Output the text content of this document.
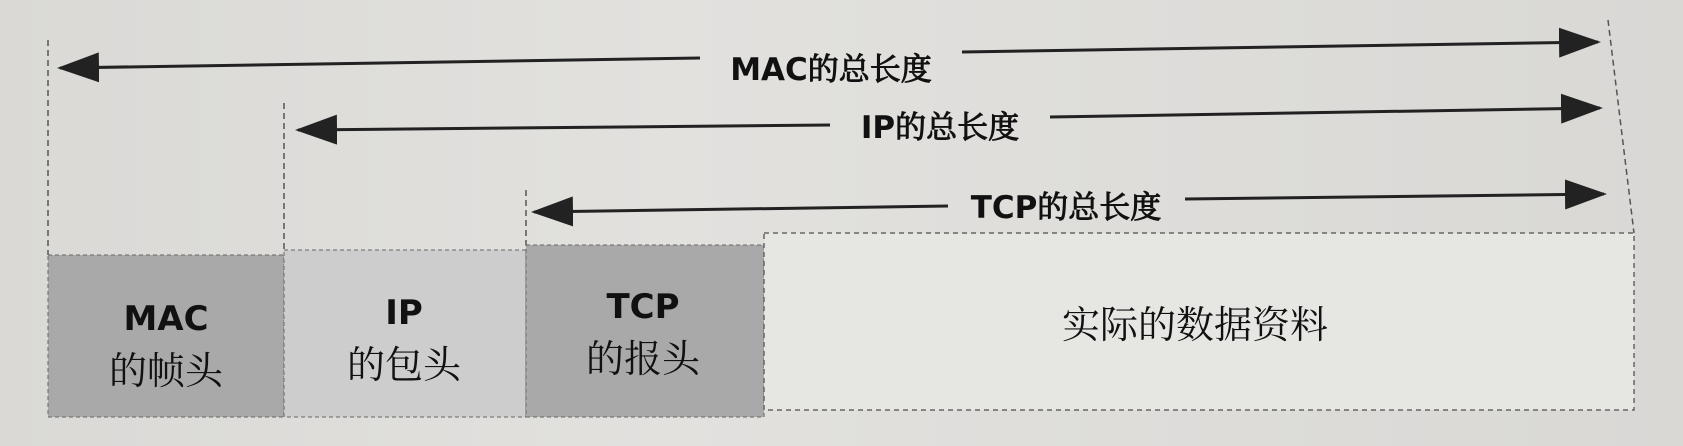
MAC的总长度
IP的总长度
TCP的总长度
MAC
的帧头
IP
的包头
TCP
的报头
实际的数据资料
